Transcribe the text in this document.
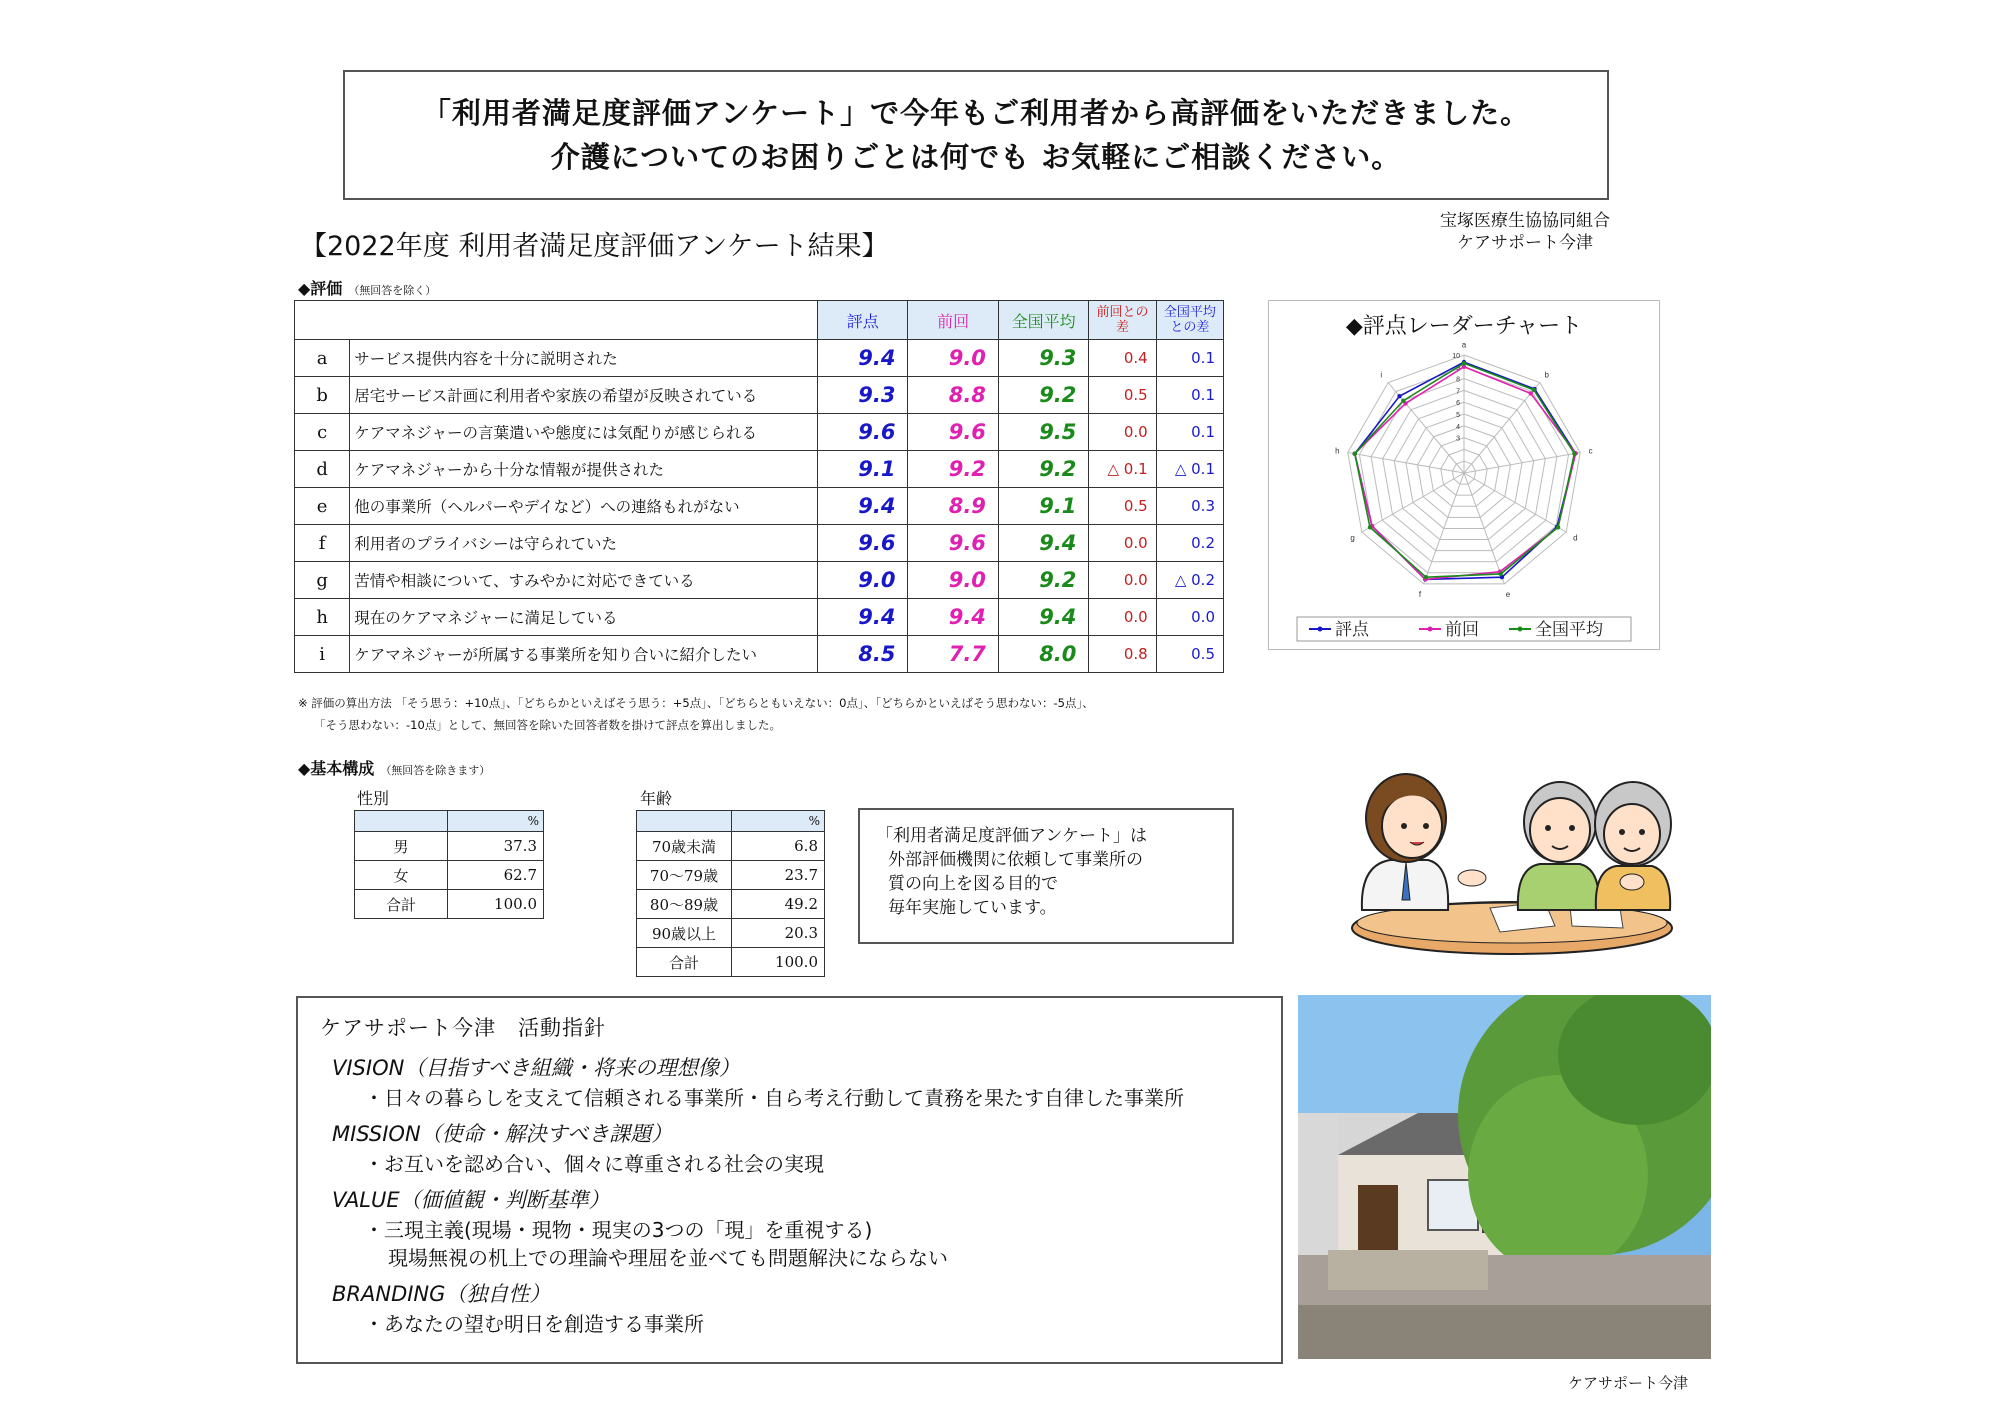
「利用者満足度評価アンケート」で今年もご利用者から高評価をいただきました。
介護についてのお困りごとは何でも お気軽にご相談ください。
【2022年度 利用者満足度評価アンケート結果】
宝塚医療生協協同組合
ケアサポート今津
◆評価 （無回答を除く）
		評点	前回	全国平均	前回との差	全国平均との差
a	サービス提供内容を十分に説明された	9.4	9.0	9.3	0.4	0.1
b	居宅サービス計画に利用者や家族の希望が反映されている	9.3	8.8	9.2	0.5	0.1
c	ケアマネジャーの言葉遣いや態度には気配りが感じられる	9.6	9.6	9.5	0.0	0.1
d	ケアマネジャーから十分な情報が提供された	9.1	9.2	9.2	△ 0.1	△ 0.1
e	他の事業所（ヘルパーやデイなど）への連絡もれがない	9.4	8.9	9.1	0.5	0.3
f	利用者のプライバシーは守られていた	9.6	9.6	9.4	0.0	0.2
g	苦情や相談について、すみやかに対応できている	9.0	9.0	9.2	0.0	△ 0.2
h	現在のケアマネジャーに満足している	9.4	9.4	9.4	0.0	0.0
i	ケアマネジャーが所属する事業所を知り合いに紹介したい	8.5	7.7	8.0	0.8	0.5
◆評点レーダーチャート
3
4
5
6
7
8
9
10
a
b
c
d
e
f
g
h
i
評点	前回	全国平均
※ 評価の算出方法 「そう思う：+10点」、「どちらかといえばそう思う：+5点」、「どちらともいえない：0点」、「どちらかといえばそう思わない：-5点」、
「そう思わない：-10点」として、無回答を除いた回答者数を掛けて評点を算出しました。
◆基本構成 （無回答を除きます）
性別
	%
男	37.3
女	62.7
合計	100.0
年齢
	%
70歳未満	6.8
70〜79歳	23.7
80〜89歳	49.2
90歳以上	20.3
合計	100.0
「利用者満足度評価アンケート」は
外部評価機関に依頼して事業所の
質の向上を図る目的で
毎年実施しています。
ケアサポート今津　活動指針
VISION（目指すべき組織・将来の理想像）
・日々の暮らしを支えて信頼される事業所・自ら考え行動して責務を果たす自律した事業所
MISSION（使命・解決すべき課題）
・お互いを認め合い、個々に尊重される社会の実現
VALUE（価値観・判断基準）
・三現主義(現場・現物・現実の3つの「現」を重視する)
現場無視の机上での理論や理屈を並べても問題解決にならない
BRANDING（独自性）
・あなたの望む明日を創造する事業所
ケアサポート今津
